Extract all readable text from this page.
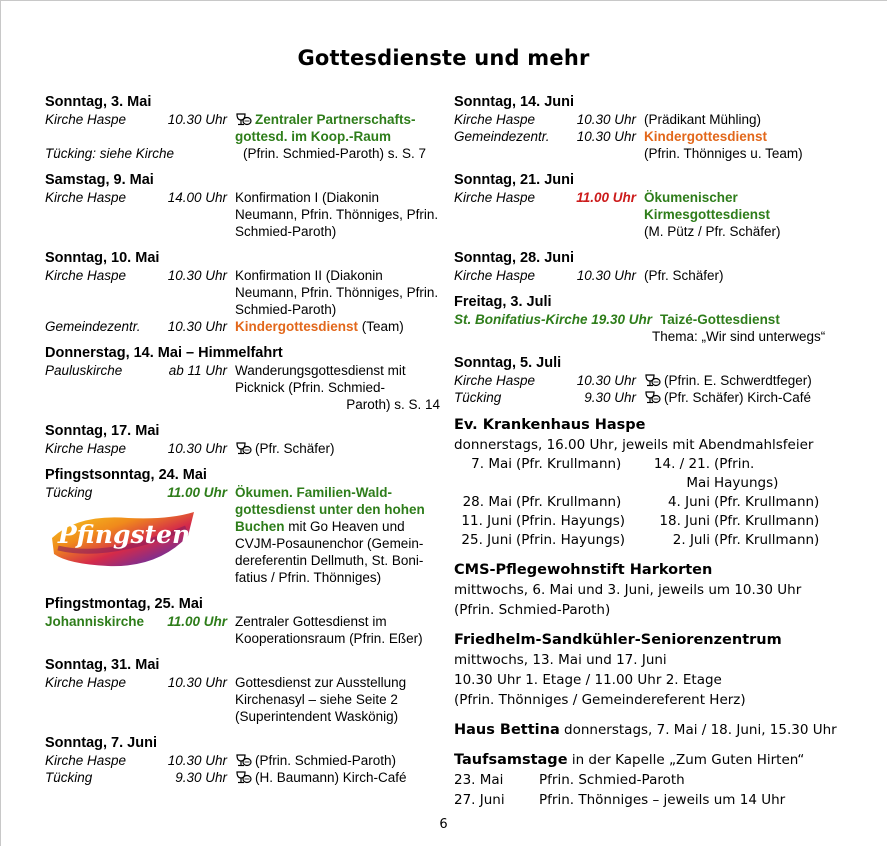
Gottesdienste und mehr
Sonntag, 3. Mai
Kirche Haspe	10.30 Uhr	Zentraler Partnerschafts-gottesd. im Koop.-Raum
Tücking: siehe Kirche	(Pfrin. Schmied-Paroth) s. S. 7
Samstag, 9. Mai
Kirche Haspe	14.00 Uhr Konfirmation I (Diakonin Neumann, Pfrin. Thönniges, Pfrin. Schmied-Paroth)
Sonntag, 10. Mai
Kirche Haspe	10.30 Uhr Konfirmation II (Diakonin Neumann, Pfrin. Thönniges, Pfrin. Schmied-Paroth)
Gemeindezentr.	10.30 Uhr Kindergottesdienst (Team)
Donnerstag, 14. Mai – Himmelfahrt
Pauluskirche	ab 11 Uhr Wanderungsgottesdienst mit Picknick (Pfrin. Schmied-

Paroth) s. S. 14
Sonntag, 17. Mai
Kirche Haspe	10.30 Uhr	(Pfr. Schäfer)
Pfingstsonntag, 24. Mai
Tücking	11.00 Uhr Ökumen. Familien-Wald-gottesdienst unter den hohen Buchen mit Go Heaven und CVJM-Posaunenchor (Gemein-dereferentin Dellmuth, St. Boni-fatius / Pfrin. Thönniges)
Pfingstmontag, 25. Mai
Johanniskirche	11.00 Uhr Zentraler Gottesdienst im Kooperationsraum (Pfrin. Eßer)
Sonntag, 31. Mai
Kirche Haspe	10.30 Uhr Gottesdienst zur Ausstellung Kirchenasyl – siehe Seite 2 (Superintendent Waskönig)
Sonntag, 7. Juni
Kirche Haspe	10.30 Uhr	(Pfrin. Schmied-Paroth)
Tücking	9.30 Uhr	(H. Baumann) Kirch-Café
Pfingsten
Sonntag, 14. Juni
Kirche Haspe	10.30 Uhr (Prädikant Mühling)
Gemeindezentr.	10.30 Uhr Kindergottesdienst
(Pfrin. Thönniges u. Team)
Sonntag, 21. Juni
Kirche Haspe	11.00 Uhr Ökumenischer Kirmesgottesdienst
(M. Pütz / Pfr. Schäfer)
Sonntag, 28. Juni
Kirche Haspe	10.30 Uhr (Pfr. Schäfer)
Freitag, 3. Juli
St. Bonifatius-Kirche 19.30 Uhr Taizé-Gottesdienst
Thema: „Wir sind unterwegs“
Sonntag, 5. Juli
Kirche Haspe	10.30 Uhr	(Pfrin. E. Schwerdtfeger)
Tücking	9.30 Uhr	(Pfr. Schäfer) Kirch-Café
Ev. Krankenhaus Haspe
donnerstags, 16.00 Uhr, jeweils mit Abendmahlsfeier
7. Mai (Pfr. Krullmann)	14. / 21. Mai
(Pfrin. Hayungs)
28. Mai (Pfr. Krullmann)	4. Juni (Pfr. Krullmann)
11. Juni (Pfrin. Hayungs)	18. Juni (Pfr. Krullmann)
25. Juni (Pfrin. Hayungs)	2. Juli (Pfr. Krullmann)
CMS-Pflegewohnstift Harkorten
mittwochs, 6. Mai und 3. Juni, jeweils um 10.30 Uhr
(Pfrin. Schmied-Paroth)
Friedhelm-Sandkühler-Seniorenzentrum
mittwochs, 13. Mai und 17. Juni
10.30 Uhr 1. Etage / 11.00 Uhr 2. Etage
(Pfrin. Thönniges / Gemeindereferent Herz)
Haus Bettina donnerstags, 7. Mai / 18. Juni, 15.30 Uhr
Taufsamstage in der Kapelle „Zum Guten Hirten“
23. Mai	Pfrin. Schmied-Paroth
27. Juni	Pfrin. Thönniges – jeweils um 14 Uhr
6
